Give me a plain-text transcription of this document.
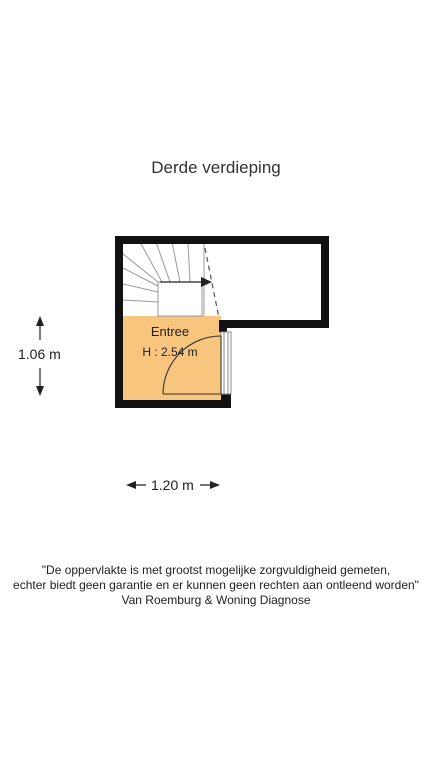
Derde verdieping
Entree
H : 2.54 m
1.06 m
1.20 m
"De oppervlakte is met grootst mogelijke zorgvuldigheid gemeten,
echter biedt geen garantie en er kunnen geen rechten aan ontleend worden"
Van Roemburg & Woning Diagnose
